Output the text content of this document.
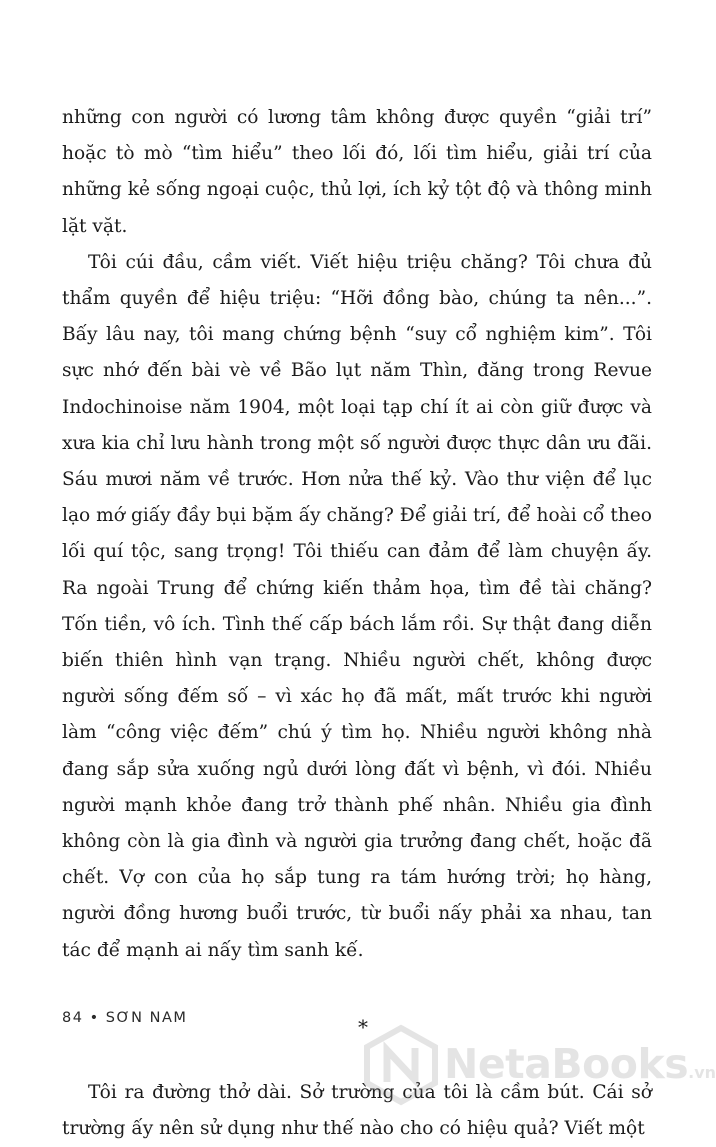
những con người có lương tâm không được quyền “giải trí” hoặc tò mò “tìm hiểu” theo lối đó, lối tìm hiểu, giải trí của những kẻ sống ngoại cuộc, thủ lợi, ích kỷ tột độ và thông minh lặt vặt.

Tôi cúi đầu, cầm viết. Viết hiệu triệu chăng? Tôi chưa đủ thẩm quyền để hiệu triệu: “Hỡi đồng bào, chúng ta nên...”. Bấy lâu nay, tôi mang chứng bệnh “suy cổ nghiệm kim”. Tôi sực nhớ đến bài vè về Bão lụt năm Thìn, đăng trong Revue Indochinoise năm 1904, một loại tạp chí ít ai còn giữ được và xưa kia chỉ lưu hành trong một số người được thực dân ưu đãi. Sáu mươi năm về trước. Hơn nửa thế kỷ. Vào thư viện để lục lạo mớ giấy đầy bụi bặm ấy chăng? Để giải trí, để hoài cổ theo lối quí tộc, sang trọng! Tôi thiếu can đảm để làm chuyện ấy. Ra ngoài Trung để chứng kiến thảm họa, tìm đề tài chăng? Tốn tiền, vô ích. Tình thế cấp bách lắm rồi. Sự thật đang diễn biến thiên hình vạn trạng. Nhiều người chết, không được người sống đếm số – vì xác họ đã mất, mất trước khi người làm “công việc đếm” chú ý tìm họ. Nhiều người không nhà đang sắp sửa xuống ngủ dưới lòng đất vì bệnh, vì đói. Nhiều người mạnh khỏe đang trở thành phế nhân. Nhiều gia đình không còn là gia đình và người gia trưởng đang chết, hoặc đã chết. Vợ con của họ sắp tung ra tám hướng trời; họ hàng, người đồng hương buổi trước, từ buổi nấy phải xa nhau, tan tác để mạnh ai nấy tìm sanh kế.

*

Tôi ra đường thở dài. Sở trường của tôi là cầm bút. Cái sở trường ấy nên sử dụng như thế nào cho có hiệu quả? Viết một

84 • SƠN NAM
NetaBooks.vn
